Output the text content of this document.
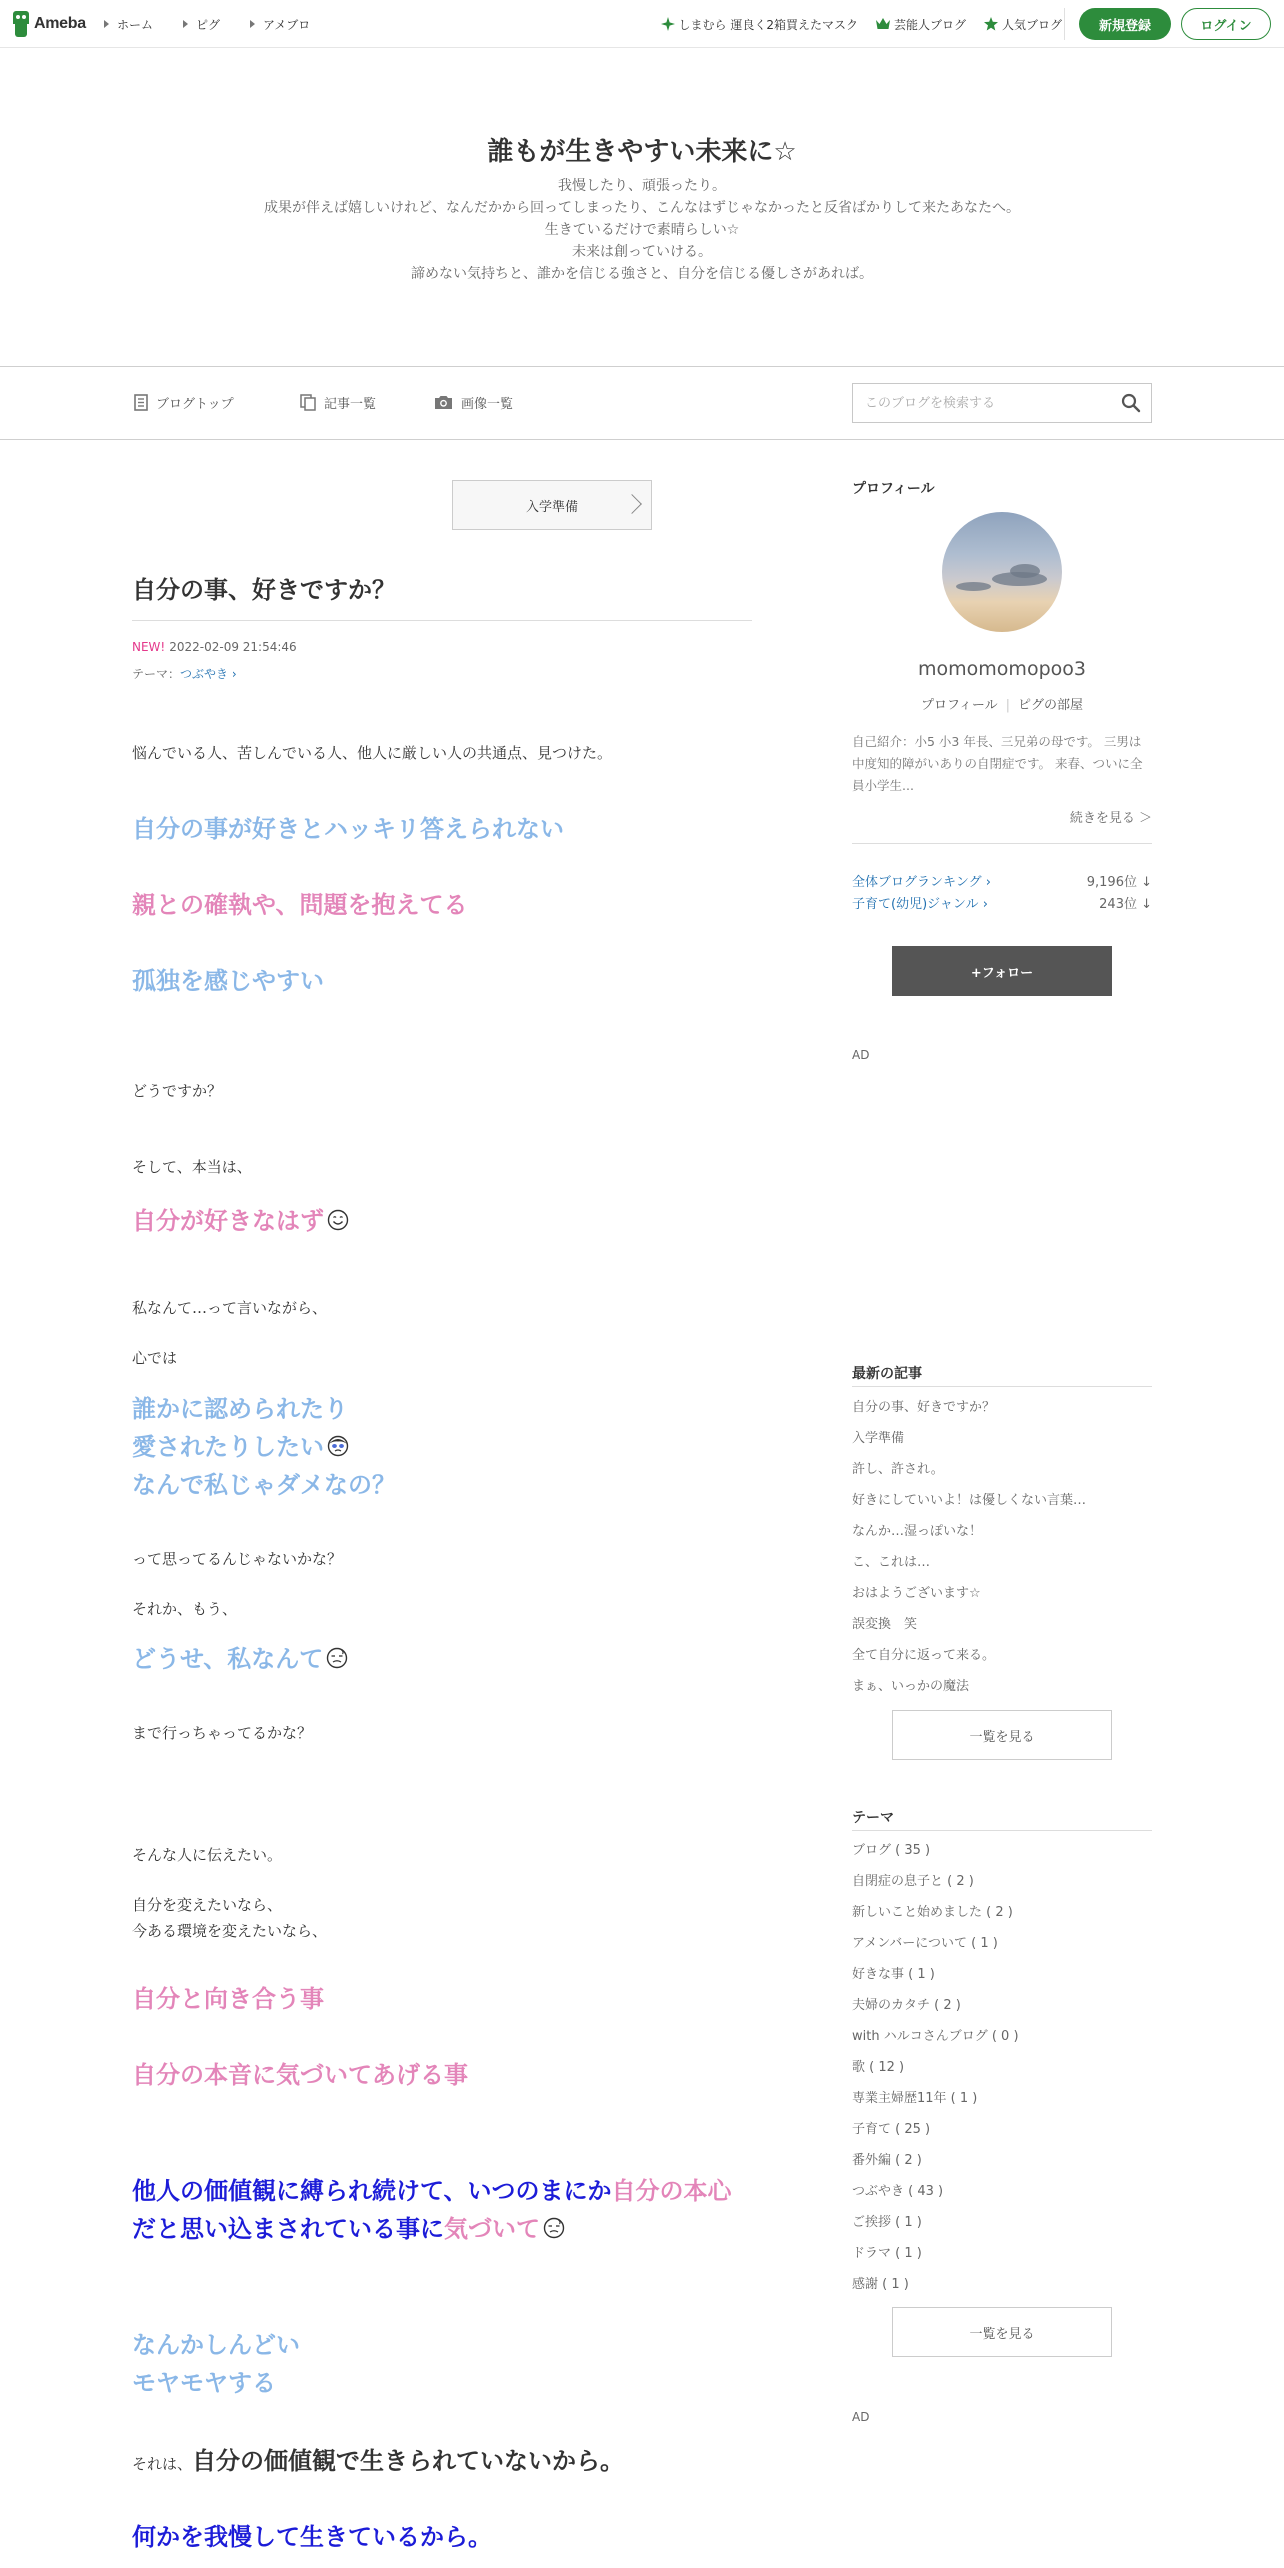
Ameba	ホーム	ピグ	アメブロ	しまむら 運良く2箱買えたマスク	芸能人ブログ	人気ブログ	新規登録	ログイン
誰もが生きやすい未来に☆

我慢したり、頑張ったり。

成果が伴えば嬉しいけれど、なんだかから回ってしまったり、こんなはずじゃなかったと反省ばかりして来たあなたへ。

生きているだけで素晴らしい☆

未来は創っていける。

諦めない気持ちと、誰かを信じる強さと、自分を信じる優しさがあれば。

ブログトップ	記事一覧	画像一覧
このブログを検索する
入学準備
自分の事、好きですか？
NEW! 2022-02-09 21:54:46
テーマ：つぶやき ›
悩んでいる人、苦しんでいる人、他人に厳しい人の共通点、見つけた。
自分の事が好きとハッキリ答えられない
親との確執や、問題を抱えてる
孤独を感じやすい
どうですか？
そして、本当は、
自分が好きなはず
私なんて…って言いながら、
心では
誰かに認められたり
愛されたりしたい
なんで私じゃダメなの？
って思ってるんじゃないかな？
それか、もう、
どうせ、私なんて
まで行っちゃってるかな？
そんな人に伝えたい。
自分を変えたいなら、
今ある環境を変えたいなら、
自分と向き合う事
自分の本音に気づいてあげる事
他人の価値観に縛られ続けて、いつのまにか自分の本心
だと思い込まされている事に気づいて
なんかしんどい
モヤモヤする
それは、自分の価値観で生きられていないから。
何かを我慢して生きているから。
プロフィール
momomomopoo3
プロフィール | ピグの部屋
自己紹介：小5 小3 年長、三兄弟の母です。 三男は中度知的障がいありの自閉症です。 来春、ついに全員小学生...
続きを見る ＞
全体ブログランキング ›	9,196位 ↓
子育て(幼児)ジャンル ›	243位 ↓
+フォロー
AD
最新の記事
自分の事、好きですか？
入学準備
許し、許され。
好きにしていいよ！は優しくない言葉…
なんか…湿っぽいな！
こ、これは…
おはようございます☆
誤変換　笑
全て自分に返って来る。
まぁ、いっかの魔法
一覧を見る
テーマ
ブログ ( 35 )
自閉症の息子と ( 2 )
新しいこと始めました ( 2 )
アメンバーについて ( 1 )
好きな事 ( 1 )
夫婦のカタチ ( 2 )
with ハルコさんブログ ( 0 )
歌 ( 12 )
専業主婦歴11年 ( 1 )
子育て ( 25 )
番外編 ( 2 )
つぶやき ( 43 )
ご挨拶 ( 1 )
ドラマ ( 1 )
感謝 ( 1 )
一覧を見る
AD
